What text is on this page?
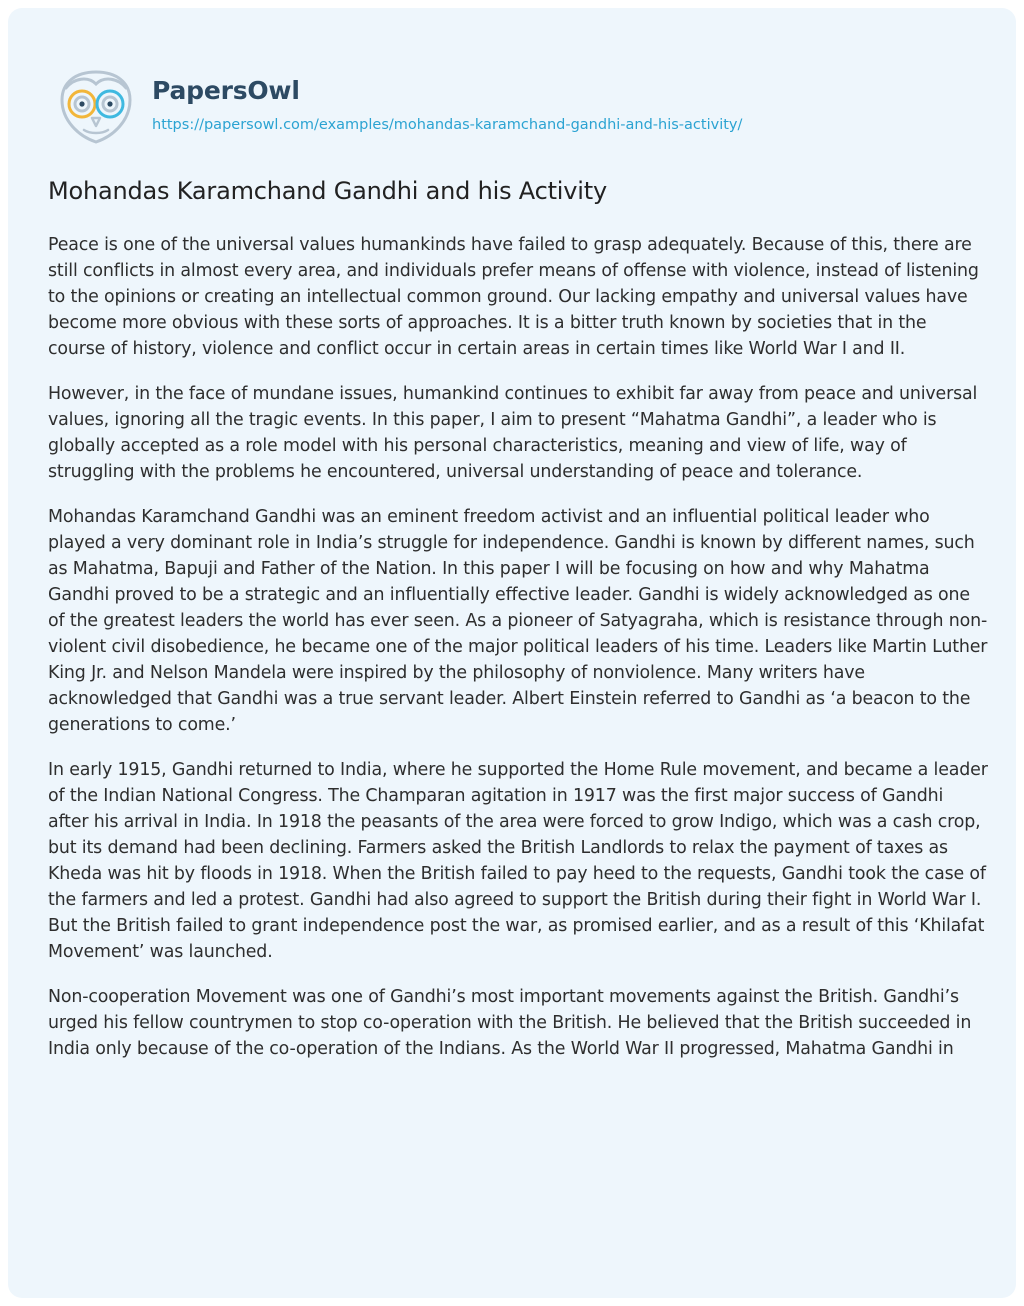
PapersOwl
https://papersowl.com/examples/mohandas-karamchand-gandhi-and-his-activity/
Mohandas Karamchand Gandhi and his Activity

Peace is one of the universal values humankinds have failed to grasp adequately. Because of this, there are still conflicts in almost every area, and individuals prefer means of offense with violence, instead of listening to the opinions or creating an intellectual common ground. Our lacking empathy and universal values have become more obvious with these sorts of approaches. It is a bitter truth known by societies that in the course of history, violence and conflict occur in certain areas in certain times like World War I and II.

However, in the face of mundane issues, humankind continues to exhibit far away from peace and universal values, ignoring all the tragic events. In this paper, I aim to present “Mahatma Gandhi”, a leader who is globally accepted as a role model with his personal characteristics, meaning and view of life, way of struggling with the problems he encountered, universal understanding of peace and tolerance.

Mohandas Karamchand Gandhi was an eminent freedom activist and an influential political leader who played a very dominant role in India’s struggle for independence. Gandhi is known by different names, such as Mahatma, Bapuji and Father of the Nation. In this paper I will be focusing on how and why Mahatma Gandhi proved to be a strategic and an influentially effective leader. Gandhi is widely acknowledged as one of the greatest leaders the world has ever seen. As a pioneer of Satyagraha, which is resistance through non-violent civil disobedience, he became one of the major political leaders of his time. Leaders like Martin Luther King Jr. and Nelson Mandela were inspired by the philosophy of nonviolence. Many writers have acknowledged that Gandhi was a true servant leader. Albert Einstein referred to Gandhi as ‘a beacon to the generations to come.’

In early 1915, Gandhi returned to India, where he supported the Home Rule movement, and became a leader of the Indian National Congress. The Champaran agitation in 1917 was the first major success of Gandhi after his arrival in India. In 1918 the peasants of the area were forced to grow Indigo, which was a cash crop, but its demand had been declining. Farmers asked the British Landlords to relax the payment of taxes as Kheda was hit by floods in 1918. When the British failed to pay heed to the requests, Gandhi took the case of the farmers and led a protest. Gandhi had also agreed to support the British during their fight in World War I. But the British failed to grant independence post the war, as promised earlier, and as a result of this ‘Khilafat Movement’ was launched.

Non-cooperation Movement was one of Gandhi’s most important movements against the British. Gandhi’s urged his fellow countrymen to stop co-operation with the British. He believed that the British succeeded in India only because of the co-operation of the Indians. As the World War II progressed, Mahatma Gandhi in
